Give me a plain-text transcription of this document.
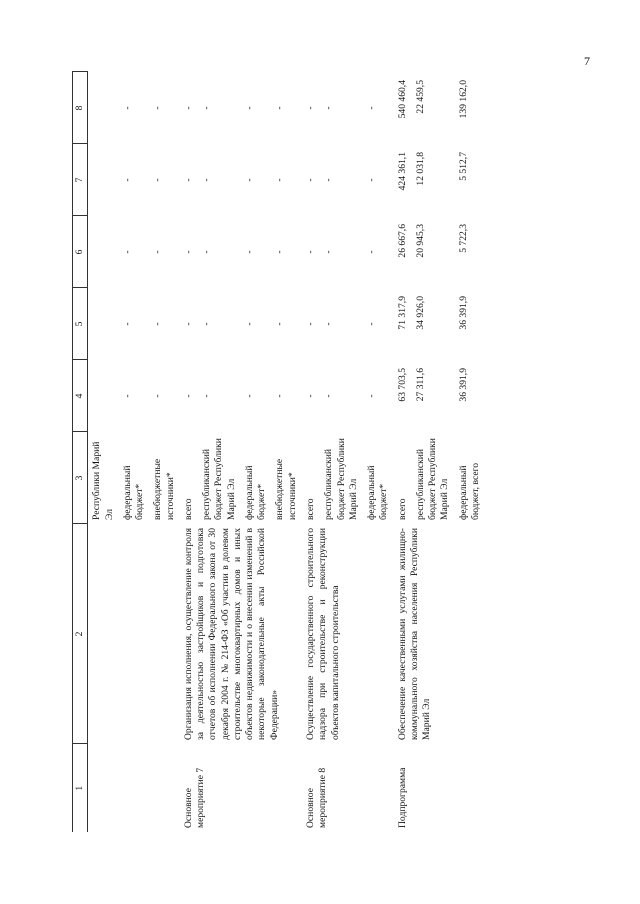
7
1	2	3	4	5	6	7	8
		Республики Марий Эл					
		федеральный бюджет*	-	-	-	-	-
		внебюджетные источники*	-	-	-	-	-
Основное мероприятие 7	Организация исполнения, осуществление контроля за деятельностью застройщиков и подготовка отчетов об исполнении Федерального закона от 30 декабря 2004 г. № 214-ФЗ «Об участии в долевом строительстве многоквартирных домов и иных объектов недвижимости и о внесении изменений в некоторые законодательные акты Российской Федерации»	всего	-	-	-	-	-
		республиканский бюджет Республики Марий Эл	-	-	-	-	-
		федеральный бюджет*	-	-	-	-	-
		внебюджетные источники*	-	-	-	-	-
Основное мероприятие 8	Осуществление государственного строительного надзора при строительстве и реконструкции объектов капитального строительства	всего	-	-	-	-	-
		республиканский бюджет Республики Марий Эл	-	-	-	-	-
		федеральный бюджет*	-	-	-	-	-
Подпрограмма	Обеспечение качественными услугами жилищно-коммунального хозяйства населения Республики Марий Эл	всего	63 703,5	71 317,9	26 667,6	424 361,1	540 460,4
		республиканский бюджет Республики Марий Эл	27 311,6	34 926,0	20 945,3	12 031,8	22 459,5
		федеральный бюджет, всего	36 391,9	36 391,9	5 722,3	5 512,7	139 162,0
